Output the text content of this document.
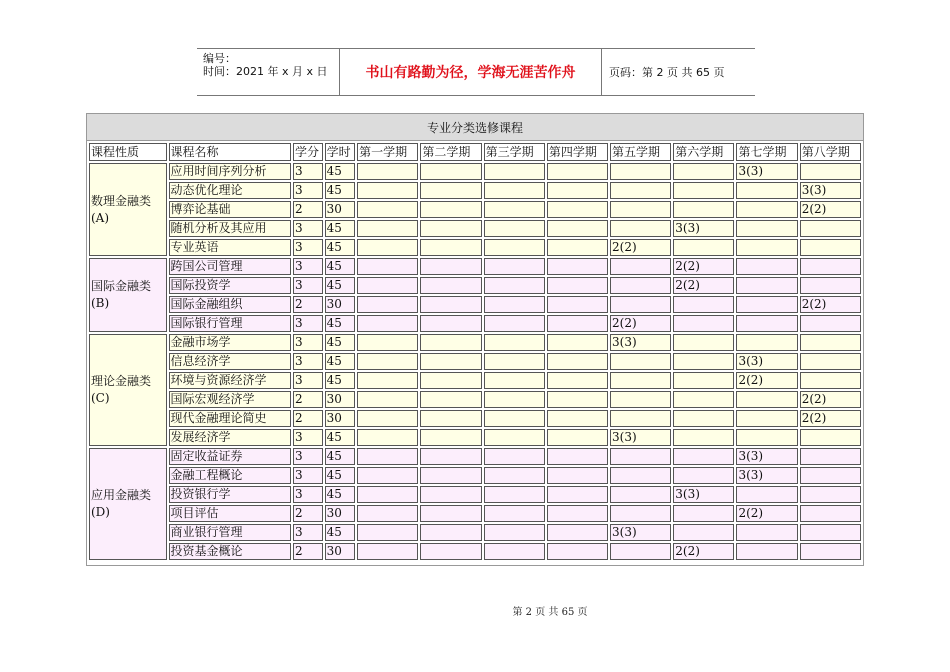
编号：
时间：2021 年 x 月 x 日	书山有路勤为径，学海无涯苦作舟	页码：第 2 页 共 65 页
专业分类选修课程
课程性质	课程名称	学分	学时	第一学期	第二学期	第三学期	第四学期	第五学期	第六学期	第七学期	第八学期

数理金融类
(A)	应用时间序列分析	3	45							3(3)	
	动态优化理论	3	45								3(3)
	博弈论基础	2	30								2(2)
	随机分析及其应用	3	45						3(3)		
	专业英语	3	45					2(2)			

国际金融类
(B)	跨国公司管理	3	45						2(2)		
	国际投资学	3	45						2(2)		
	国际金融组织	2	30								2(2)
	国际银行管理	3	45					2(2)			

理论金融类
(C)	金融市场学	3	45					3(3)			
	信息经济学	3	45							3(3)	
	环境与资源经济学	3	45							2(2)	
	国际宏观经济学	2	30								2(2)
	现代金融理论简史	2	30								2(2)
	发展经济学	3	45					3(3)			

应用金融类
(D)	固定收益证券	3	45							3(3)	
	金融工程概论	3	45							3(3)	
	投资银行学	3	45						3(3)		
	项目评估	2	30							2(2)	
	商业银行管理	3	45					3(3)			
	投资基金概论	2	30						2(2)		
第 2 页 共 65 页
